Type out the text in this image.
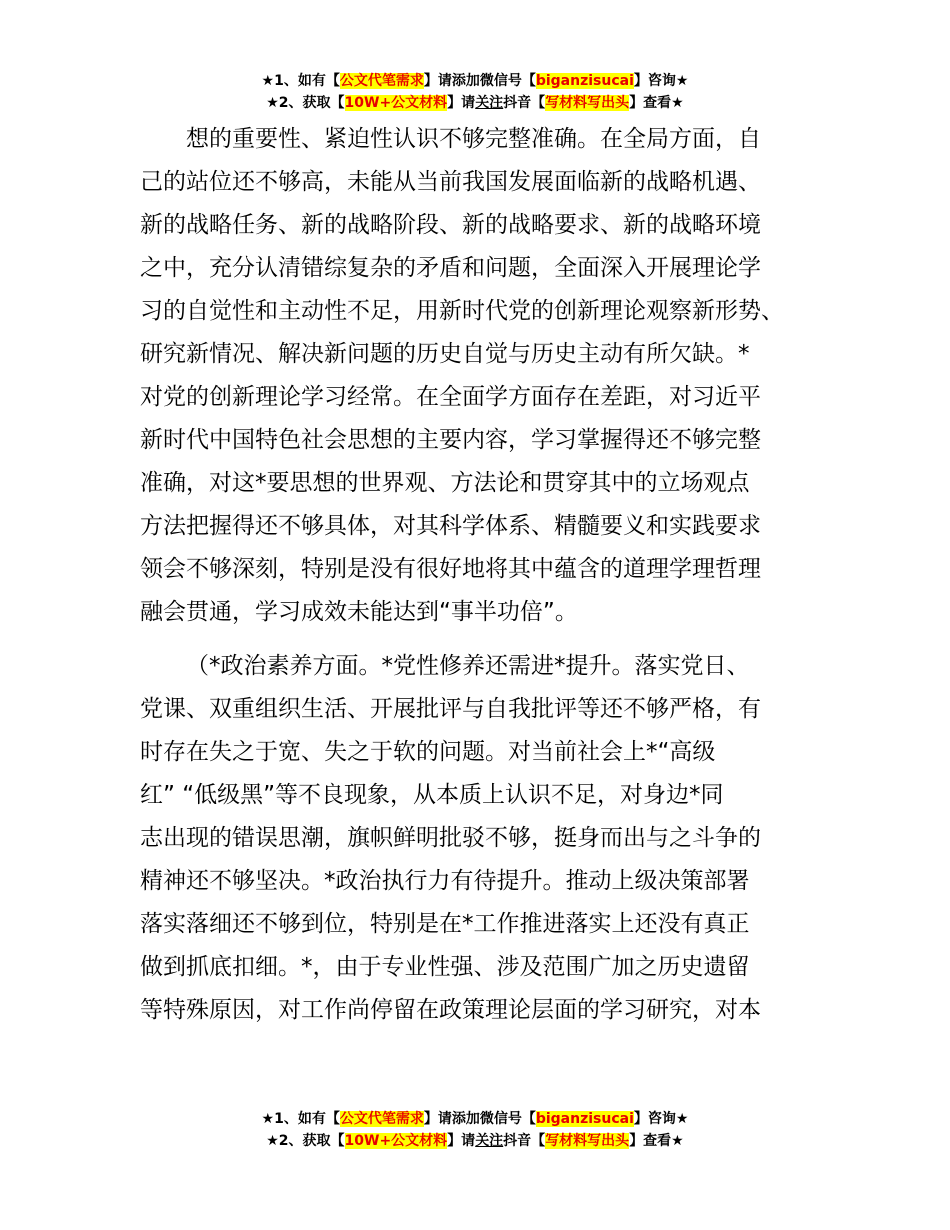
★1、如有【公文代笔需求】请添加微信号【biganzisucai】咨询★
★2、获取【10W+公文材料】请关注抖音【写材料写出头】查看★
想的重要性、紧迫性认识不够完整准确。在全局方面，自
己的站位还不够高，未能从当前我国发展面临新的战略机遇、
新的战略任务、新的战略阶段、新的战略要求、新的战略环境
之中，充分认清错综复杂的矛盾和问题，全面深入开展理论学
习的自觉性和主动性不足，用新时代党的创新理论观察新形势、
研究新情况、解决新问题的历史自觉与历史主动有所欠缺。*
对党的创新理论学习经常。在全面学方面存在差距，对习近平
新时代中国特色社会思想的主要内容，学习掌握得还不够完整
准确，对这*要思想的世界观、方法论和贯穿其中的立场观点
方法把握得还不够具体，对其科学体系、精髓要义和实践要求
领会不够深刻，特别是没有很好地将其中蕴含的道理学理哲理
融会贯通，学习成效未能达到“事半功倍”。
（*政治素养方面。*党性修养还需进*提升。落实党日、
党课、双重组织生活、开展批评与自我批评等还不够严格，有
时存在失之于宽、失之于软的问题。对当前社会上*“高级
红” “低级黑”等不良现象，从本质上认识不足，对身边*同
志出现的错误思潮，旗帜鲜明批驳不够，挺身而出与之斗争的
精神还不够坚决。*政治执行力有待提升。推动上级决策部署
落实落细还不够到位，特别是在*工作推进落实上还没有真正
做到抓底扣细。*，由于专业性强、涉及范围广加之历史遗留
等特殊原因，对工作尚停留在政策理论层面的学习研究，对本
★1、如有【公文代笔需求】请添加微信号【biganzisucai】咨询★
★2、获取【10W+公文材料】请关注抖音【写材料写出头】查看★
